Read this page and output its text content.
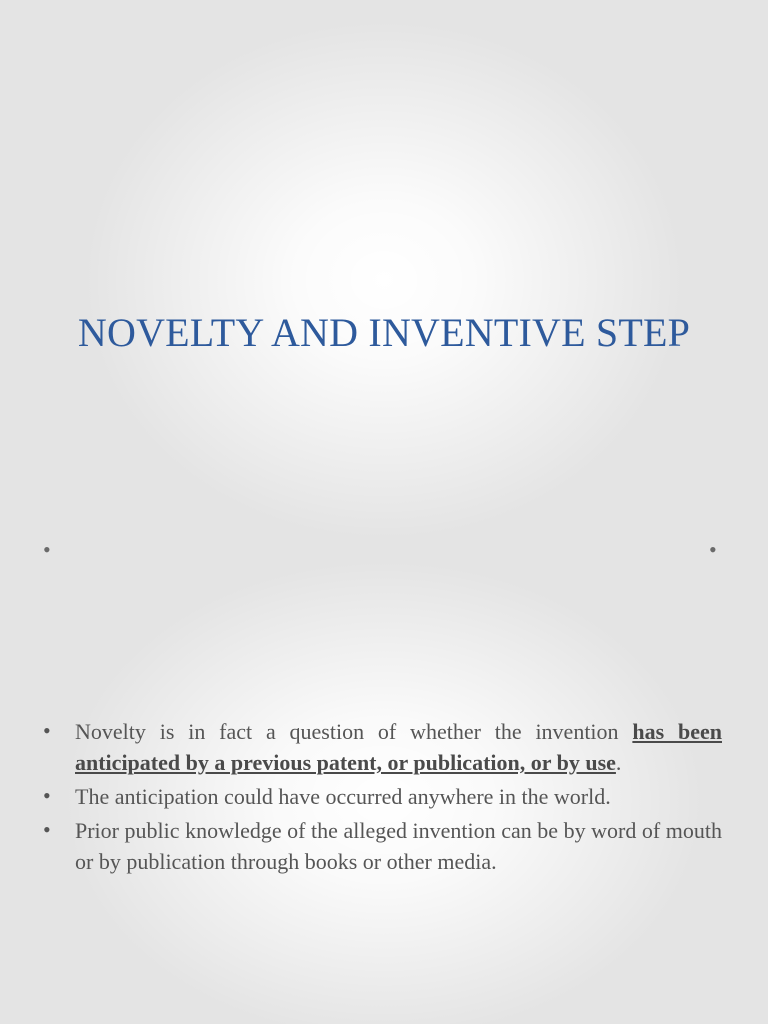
NOVELTY AND INVENTIVE STEP
•	•
• Novelty is in fact a question of whether the invention has been anticipated by a previous patent, or publication, or by use.
• The anticipation could have occurred anywhere in the world.
• Prior public knowledge of the alleged invention can be by word of mouth or by publication through books or other media.
